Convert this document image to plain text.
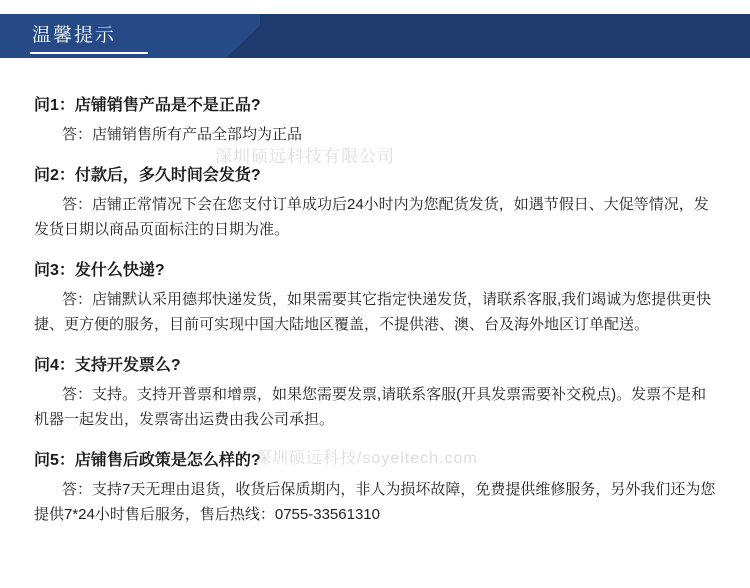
温馨提示
问1：店铺销售产品是不是正品?
答：店铺销售所有产品全部均为正品
问2：付款后，多久时间会发货?
答：店铺正常情况下会在您支付订单成功后24小时内为您配货发货，如遇节假日、大促等情况，发发货日期以商品页面标注的日期为准。
问3：发什么快递?
答：店铺默认采用德邦快递发货，如果需要其它指定快递发货，请联系客服,我们竭诚为您提供更快捷、更方便的服务，目前可实现中国大陆地区覆盖，不提供港、澳、台及海外地区订单配送。
问4：支持开发票么?
答：支持。支持开普票和增票，如果您需要发票,请联系客服(开具发票需要补交税点)。发票不是和机器一起发出，发票寄出运费由我公司承担。
问5：店铺售后政策是怎么样的?
答：支持7天无理由退货，收货后保质期内，非人为损坏故障，免费提供维修服务，另外我们还为您提供7*24小时售后服务，售后热线：0755-33561310
深圳硕远科技有限公司
深圳硕远科技/soyeltech.com
